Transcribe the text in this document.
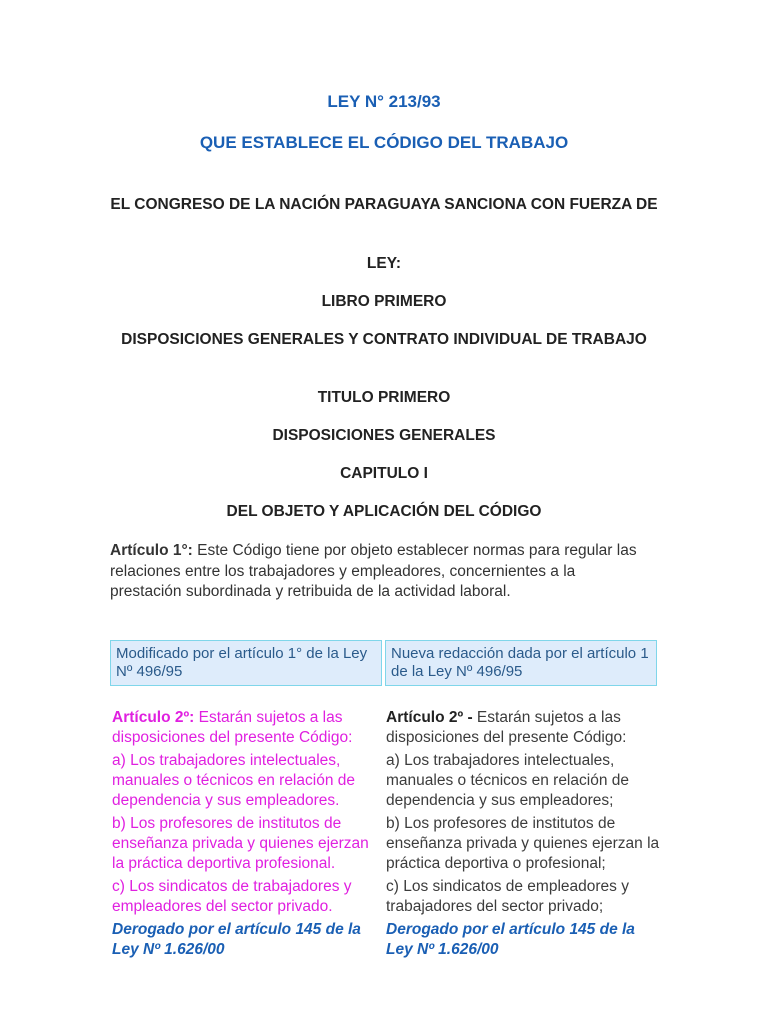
LEY N° 213/93
QUE ESTABLECE EL CÓDIGO DEL TRABAJO
EL CONGRESO DE LA NACIÓN PARAGUAYA SANCIONA CON FUERZA DE
LEY:
LIBRO PRIMERO
DISPOSICIONES GENERALES Y CONTRATO INDIVIDUAL DE TRABAJO
TITULO PRIMERO
DISPOSICIONES GENERALES
CAPITULO I
DEL OBJETO Y APLICACIÓN DEL CÓDIGO
Artículo 1°: Este Código tiene por objeto establecer normas para regular las relaciones entre los trabajadores y empleadores, concernientes a la prestación subordinada y retribuida de la actividad laboral.
Modificado por el artículo 1° de la Ley Nº 496/95
Nueva redacción dada por el artículo 1 de la Ley Nº 496/95

Artículo 2º: Estarán sujetos a las disposiciones del presente Código:

a) Los trabajadores intelectuales, manuales o técnicos en relación de dependencia y sus empleadores.

b) Los profesores de institutos de enseñanza privada y quienes ejerzan la práctica deportiva profesional.

c) Los sindicatos de trabajadores y empleadores del sector privado.

Derogado por el artículo 145 de la Ley Nº 1.626/00

Artículo 2º - Estarán sujetos a las disposiciones del presente Código:

a) Los trabajadores intelectuales, manuales o técnicos en relación de dependencia y sus empleadores;

b) Los profesores de institutos de enseñanza privada y quienes ejerzan la práctica deportiva o profesional;

c) Los sindicatos de empleadores y trabajadores del sector privado;

Derogado por el artículo 145 de la Ley Nº 1.626/00
